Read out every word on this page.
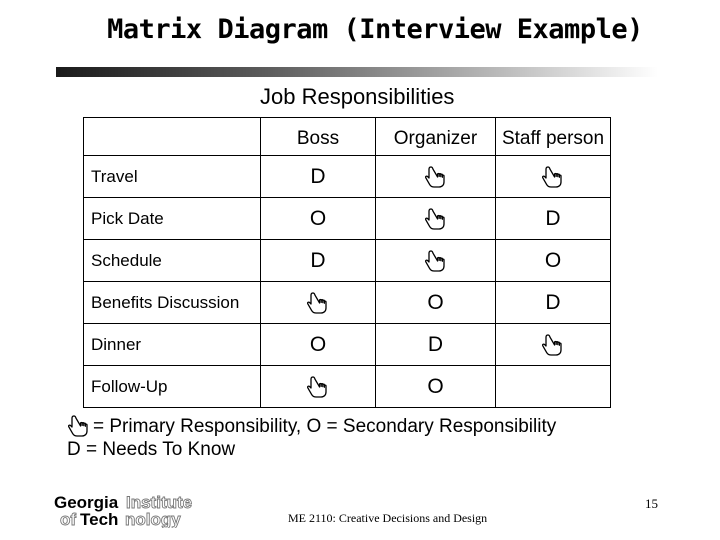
Matrix Diagram (Interview Example)
Job Responsibilities
	Boss	Organizer	Staff person
Travel	D		
Pick Date	O		D
Schedule	D		O
Benefits Discussion		O	D
Dinner	O	D	
Follow-Up		O	
= Primary Responsibility, O = Secondary Responsibility
D = Needs To Know
Georgia Institute
of Tech nology	ME 2110: Creative Decisions and Design
15
